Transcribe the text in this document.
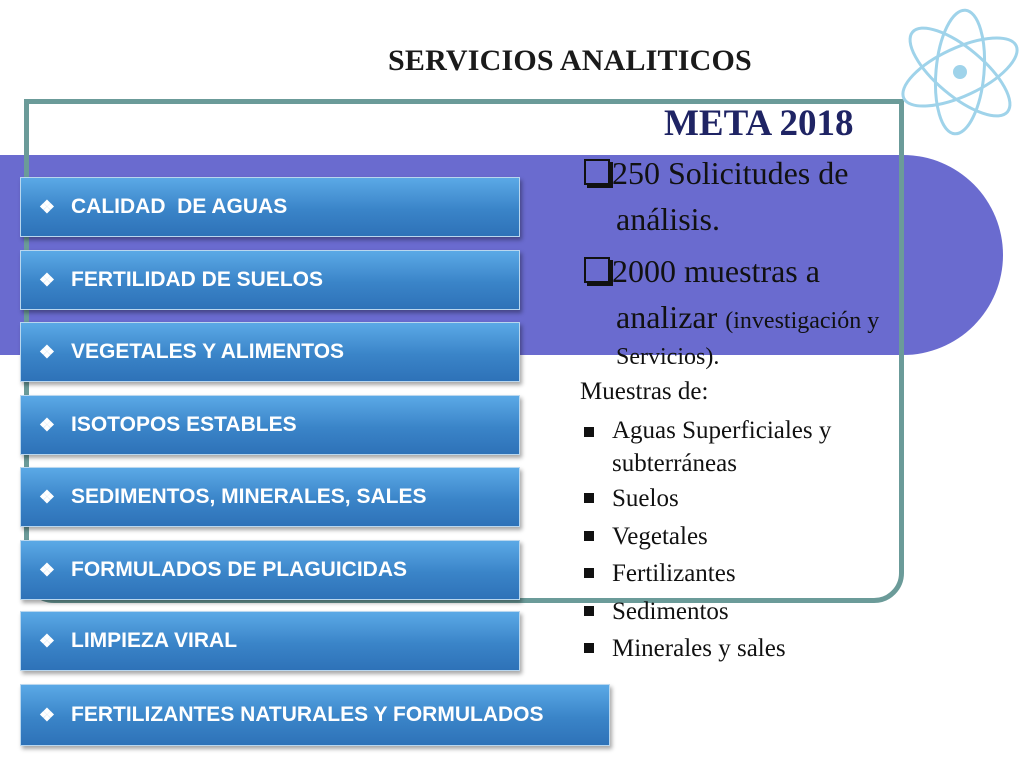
SERVICIOS ANALITICOS
META 2018
250 Solicitudes de
análisis.
2000 muestras a
analizar (investigación y
Servicios).
Muestras de:
Aguas Superficiales y
subterráneas
Suelos
Vegetales
Fertilizantes
Sedimentos
Minerales y sales
❖ CALIDAD  DE AGUAS
❖ FERTILIDAD DE SUELOS
❖ VEGETALES Y ALIMENTOS
❖ ISOTOPOS ESTABLES
❖ SEDIMENTOS, MINERALES, SALES
❖ FORMULADOS DE PLAGUICIDAS
❖ LIMPIEZA VIRAL
❖ FERTILIZANTES NATURALES Y FORMULADOS
